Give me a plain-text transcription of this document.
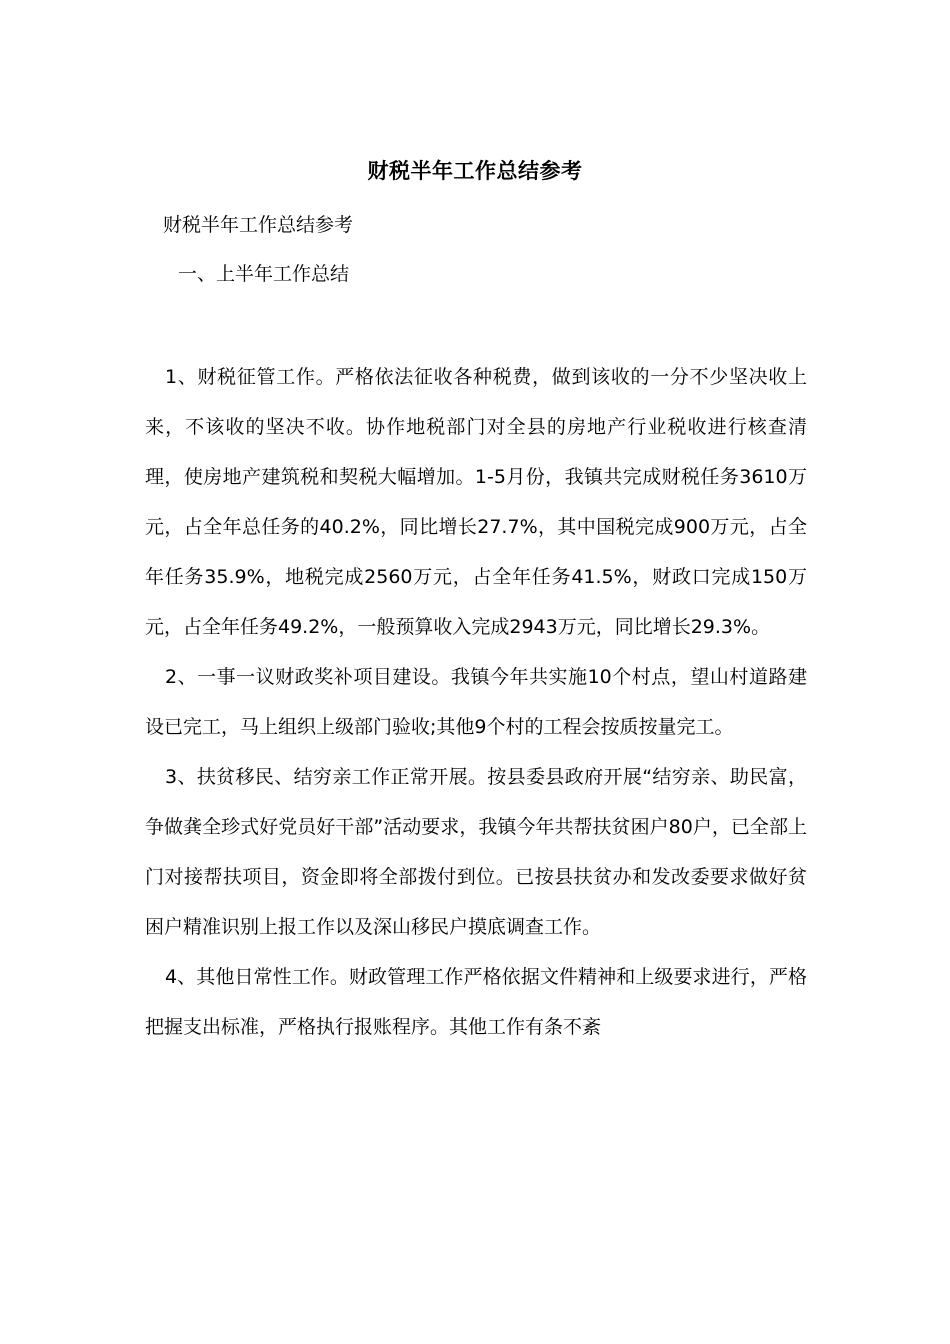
财税半年工作总结参考
财税半年工作总结参考
一、上半年工作总结

1、财税征管工作。严格依法征收各种税费，做到该收的一分不少坚决收上来，不该收的坚决不收。协作地税部门对全县的房地产行业税收进行核查清理，使房地产建筑税和契税大幅增加。1-5月份，我镇共完成财税任务3610万元，占全年总任务的40.2%，同比增长27.7%，其中国税完成900万元，占全年任务35.9%，地税完成2560万元，占全年任务41.5%，财政口完成150万元，占全年任务49.2%，一般预算收入完成2943万元，同比增长29.3%。

2、一事一议财政奖补项目建设。我镇今年共实施10个村点，望山村道路建设已完工，马上组织上级部门验收;其他9个村的工程会按质按量完工。

3、扶贫移民、结穷亲工作正常开展。按县委县政府开展“结穷亲、助民富，争做龚全珍式好党员好干部”活动要求，我镇今年共帮扶贫困户80户，已全部上门对接帮扶项目，资金即将全部拨付到位。已按县扶贫办和发改委要求做好贫困户精准识别上报工作以及深山移民户摸底调查工作。

4、其他日常性工作。财政管理工作严格依据文件精神和上级要求进行，严格把握支出标准，严格执行报账程序。其他工作有条不紊
